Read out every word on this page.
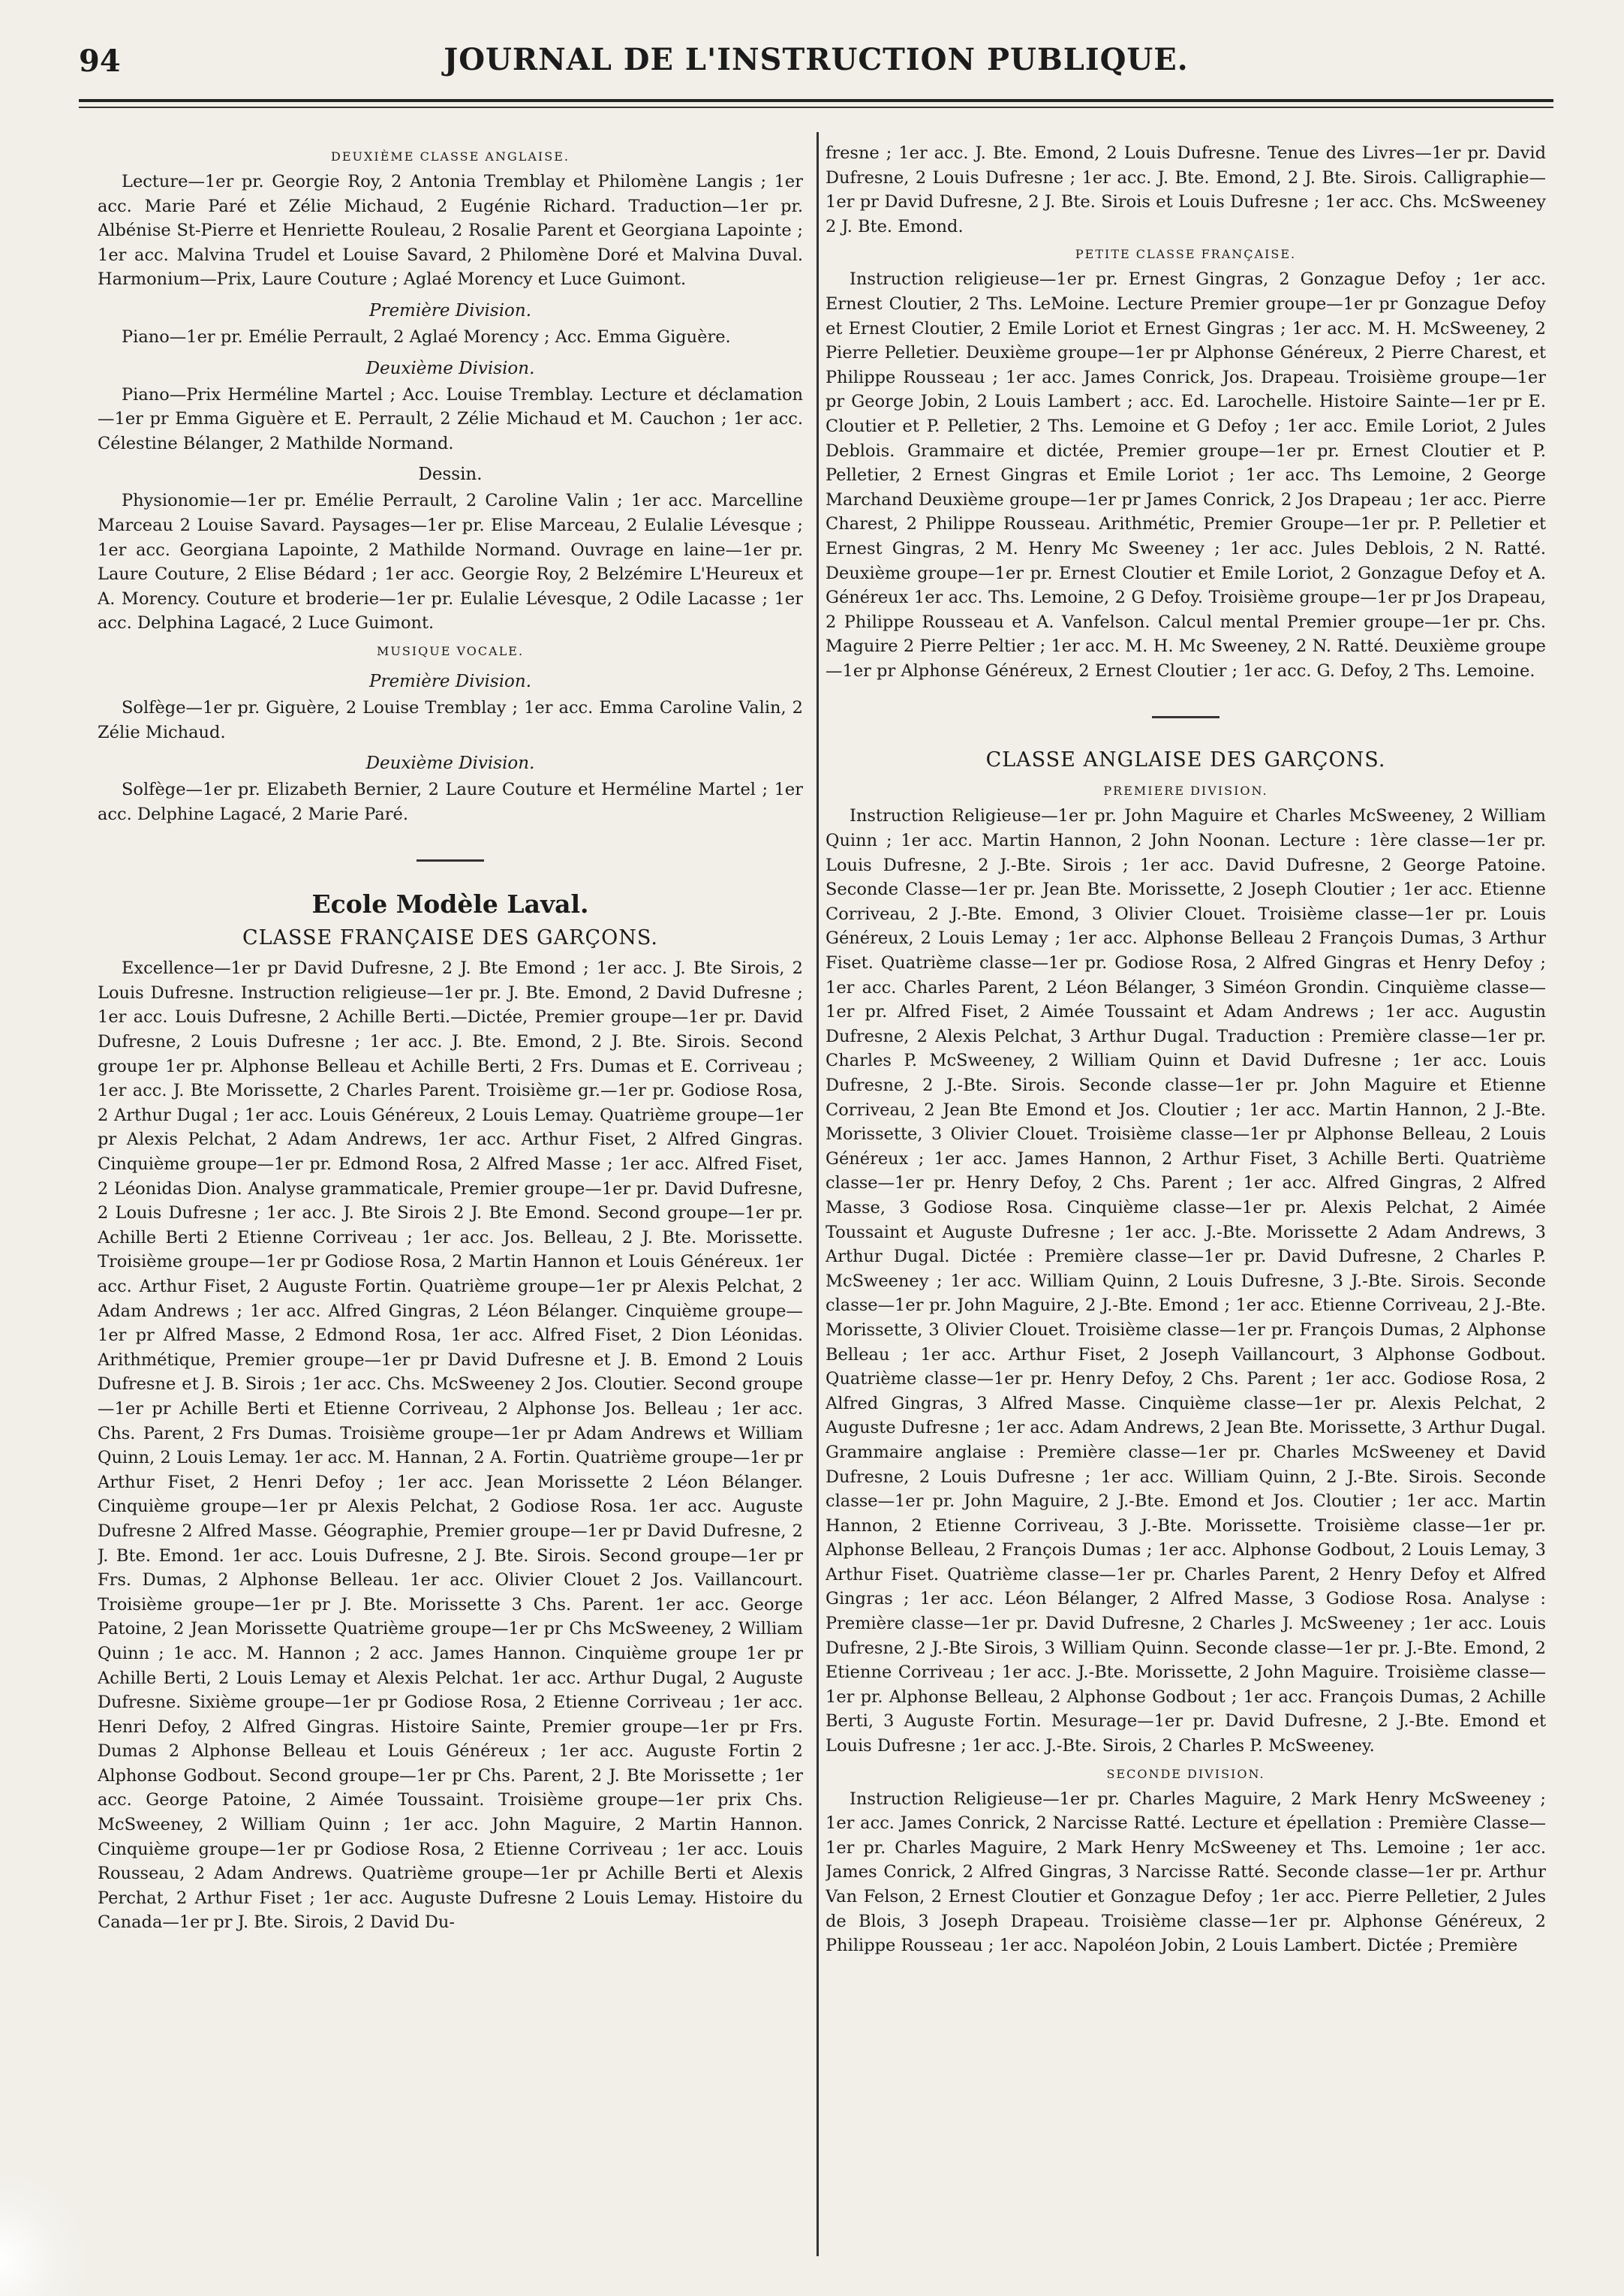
94	JOURNAL DE L'INSTRUCTION PUBLIQUE.
DEUXIÈME CLASSE ANGLAISE.

Lecture—1er pr. Georgie Roy, 2 Antonia Tremblay et Philomène Langis ; 1er acc. Marie Paré et Zélie Michaud, 2 Eugénie Richard. Traduction—1er pr. Albénise St-Pierre et Henriette Rouleau, 2 Rosalie Parent et Georgiana Lapointe ; 1er acc. Malvina Trudel et Louise Savard, 2 Philomène Doré et Malvina Duval. Harmonium—Prix, Laure Couture ; Aglaé Morency et Luce Guimont.

Première Division.

Piano—1er pr. Emélie Perrault, 2 Aglaé Morency ; Acc. Emma Giguère.

Deuxième Division.

Piano—Prix Herméline Martel ; Acc. Louise Tremblay. Lecture et déclamation—1er pr Emma Giguère et E. Perrault, 2 Zélie Michaud et M. Cauchon ; 1er acc. Célestine Bélanger, 2 Mathilde Normand.

Dessin.

Physionomie—1er pr. Emélie Perrault, 2 Caroline Valin ; 1er acc. Marcelline Marceau 2 Louise Savard. Paysages—1er pr. Elise Marceau, 2 Eulalie Lévesque ; 1er acc. Georgiana Lapointe, 2 Mathilde Normand. Ouvrage en laine—1er pr. Laure Couture, 2 Elise Bédard ; 1er acc. Georgie Roy, 2 Belzémire L'Heureux et A. Morency. Couture et broderie—1er pr. Eulalie Lévesque, 2 Odile Lacasse ; 1er acc. Delphina Lagacé, 2 Luce Guimont.

MUSIQUE VOCALE.
Première Division.

Solfège—1er pr. Giguère, 2 Louise Tremblay ; 1er acc. Emma Caroline Valin, 2 Zélie Michaud.

Deuxième Division.

Solfège—1er pr. Elizabeth Bernier, 2 Laure Couture et Herméline Martel ; 1er acc. Delphine Lagacé, 2 Marie Paré.

Ecole Modèle Laval.
CLASSE FRANÇAISE DES GARÇONS.

Excellence—1er pr David Dufresne, 2 J. Bte Emond ; 1er acc. J. Bte Sirois, 2 Louis Dufresne. Instruction religieuse—1er pr. J. Bte. Emond, 2 David Dufresne ; 1er acc. Louis Dufresne, 2 Achille Berti.—Dictée, Premier groupe—1er pr. David Dufresne, 2 Louis Dufresne ; 1er acc. J. Bte. Emond, 2 J. Bte. Sirois. Second groupe 1er pr. Alphonse Belleau et Achille Berti, 2 Frs. Dumas et E. Corriveau ; 1er acc. J. Bte Morissette, 2 Charles Parent. Troisième gr.—1er pr. Godiose Rosa, 2 Arthur Dugal ; 1er acc. Louis Généreux, 2 Louis Lemay. Quatrième groupe—1er pr Alexis Pelchat, 2 Adam Andrews, 1er acc. Arthur Fiset, 2 Alfred Gingras. Cinquième groupe—1er pr. Edmond Rosa, 2 Alfred Masse ; 1er acc. Alfred Fiset, 2 Léonidas Dion. Analyse grammaticale, Premier groupe—1er pr. David Dufresne, 2 Louis Dufresne ; 1er acc. J. Bte Sirois 2 J. Bte Emond. Second groupe—1er pr. Achille Berti 2 Etienne Corriveau ; 1er acc. Jos. Belleau, 2 J. Bte. Morissette. Troisième groupe—1er pr Godiose Rosa, 2 Martin Hannon et Louis Généreux. 1er acc. Arthur Fiset, 2 Auguste Fortin. Quatrième groupe—1er pr Alexis Pelchat, 2 Adam Andrews ; 1er acc. Alfred Gingras, 2 Léon Bélanger. Cinquième groupe—1er pr Alfred Masse, 2 Edmond Rosa, 1er acc. Alfred Fiset, 2 Dion Léonidas. Arithmétique, Premier groupe—1er pr David Dufresne et J. B. Emond 2 Louis Dufresne et J. B. Sirois ; 1er acc. Chs. McSweeney 2 Jos. Cloutier. Second groupe—1er pr Achille Berti et Etienne Corriveau, 2 Alphonse Jos. Belleau ; 1er acc. Chs. Parent, 2 Frs Dumas. Troisième groupe—1er pr Adam Andrews et William Quinn, 2 Louis Lemay. 1er acc. M. Hannan, 2 A. Fortin. Quatrième groupe—1er pr Arthur Fiset, 2 Henri Defoy ; 1er acc. Jean Morissette 2 Léon Bélanger. Cinquième groupe—1er pr Alexis Pelchat, 2 Godiose Rosa. 1er acc. Auguste Dufresne 2 Alfred Masse. Géographie, Premier groupe—1er pr David Dufresne, 2 J. Bte. Emond. 1er acc. Louis Dufresne, 2 J. Bte. Sirois. Second groupe—1er pr Frs. Dumas, 2 Alphonse Belleau. 1er acc. Olivier Clouet 2 Jos. Vaillancourt. Troisième groupe—1er pr J. Bte. Morissette 3 Chs. Parent. 1er acc. George Patoine, 2 Jean Morissette Quatrième groupe—1er pr Chs McSweeney, 2 William Quinn ; 1e acc. M. Hannon ; 2 acc. James Hannon. Cinquième groupe 1er pr Achille Berti, 2 Louis Lemay et Alexis Pelchat. 1er acc. Arthur Dugal, 2 Auguste Dufresne. Sixième groupe—1er pr Godiose Rosa, 2 Etienne Corriveau ; 1er acc. Henri Defoy, 2 Alfred Gingras. Histoire Sainte, Premier groupe—1er pr Frs. Dumas 2 Alphonse Belleau et Louis Généreux ; 1er acc. Auguste Fortin 2 Alphonse Godbout. Second groupe—1er pr Chs. Parent, 2 J. Bte Morissette ; 1er acc. George Patoine, 2 Aimée Toussaint. Troisième groupe—1er prix Chs. McSweeney, 2 William Quinn ; 1er acc. John Maguire, 2 Martin Hannon. Cinquième groupe—1er pr Godiose Rosa, 2 Etienne Corriveau ; 1er acc. Louis Rousseau, 2 Adam Andrews. Quatrième groupe—1er pr Achille Berti et Alexis Perchat, 2 Arthur Fiset ; 1er acc. Auguste Dufresne 2 Louis Lemay. Histoire du Canada—1er pr J. Bte. Sirois, 2 David Du-

fresne ; 1er acc. J. Bte. Emond, 2 Louis Dufresne. Tenue des Livres—1er pr. David Dufresne, 2 Louis Dufresne ; 1er acc. J. Bte. Emond, 2 J. Bte. Sirois. Calligraphie—1er pr David Dufresne, 2 J. Bte. Sirois et Louis Dufresne ; 1er acc. Chs. McSweeney 2 J. Bte. Emond.

PETITE CLASSE FRANÇAISE.

Instruction religieuse—1er pr. Ernest Gingras, 2 Gonzague Defoy ; 1er acc. Ernest Cloutier, 2 Ths. LeMoine. Lecture Premier groupe—1er pr Gonzague Defoy et Ernest Cloutier, 2 Emile Loriot et Ernest Gingras ; 1er acc. M. H. McSweeney, 2 Pierre Pelletier. Deuxième groupe—1er pr Alphonse Généreux, 2 Pierre Charest, et Philippe Rousseau ; 1er acc. James Conrick, Jos. Drapeau. Troisième groupe—1er pr George Jobin, 2 Louis Lambert ; acc. Ed. Larochelle. Histoire Sainte—1er pr E. Cloutier et P. Pelletier, 2 Ths. Lemoine et G Defoy ; 1er acc. Emile Loriot, 2 Jules Deblois. Grammaire et dictée, Premier groupe—1er pr. Ernest Cloutier et P. Pelletier, 2 Ernest Gingras et Emile Loriot ; 1er acc. Ths Lemoine, 2 George Marchand Deuxième groupe—1er pr James Conrick, 2 Jos Drapeau ; 1er acc. Pierre Charest, 2 Philippe Rousseau. Arithmétic, Premier Groupe—1er pr. P. Pelletier et Ernest Gingras, 2 M. Henry Mc Sweeney ; 1er acc. Jules Deblois, 2 N. Ratté. Deuxième groupe—1er pr. Ernest Cloutier et Emile Loriot, 2 Gonzague Defoy et A. Généreux 1er acc. Ths. Lemoine, 2 G Defoy. Troisième groupe—1er pr Jos Drapeau, 2 Philippe Rousseau et A. Vanfelson. Calcul mental Premier groupe—1er pr. Chs. Maguire 2 Pierre Peltier ; 1er acc. M. H. Mc Sweeney, 2 N. Ratté. Deuxième groupe—1er pr Alphonse Généreux, 2 Ernest Cloutier ; 1er acc. G. Defoy, 2 Ths. Lemoine.

CLASSE ANGLAISE DES GARÇONS.
PREMIERE DIVISION.

Instruction Religieuse—1er pr. John Maguire et Charles McSweeney, 2 William Quinn ; 1er acc. Martin Hannon, 2 John Noonan. Lecture : 1ère classe—1er pr. Louis Dufresne, 2 J.-Bte. Sirois ; 1er acc. David Dufresne, 2 George Patoine. Seconde Classe—1er pr. Jean Bte. Morissette, 2 Joseph Cloutier ; 1er acc. Etienne Corriveau, 2 J.-Bte. Emond, 3 Olivier Clouet. Troisième classe—1er pr. Louis Généreux, 2 Louis Lemay ; 1er acc. Alphonse Belleau 2 François Dumas, 3 Arthur Fiset. Quatrième classe—1er pr. Godiose Rosa, 2 Alfred Gingras et Henry Defoy ; 1er acc. Charles Parent, 2 Léon Bélanger, 3 Siméon Grondin. Cinquième classe—1er pr. Alfred Fiset, 2 Aimée Toussaint et Adam Andrews ; 1er acc. Augustin Dufresne, 2 Alexis Pelchat, 3 Arthur Dugal. Traduction : Première classe—1er pr. Charles P. McSweeney, 2 William Quinn et David Dufresne ; 1er acc. Louis Dufresne, 2 J.-Bte. Sirois. Seconde classe—1er pr. John Maguire et Etienne Corriveau, 2 Jean Bte Emond et Jos. Cloutier ; 1er acc. Martin Hannon, 2 J.-Bte. Morissette, 3 Olivier Clouet. Troisième classe—1er pr Alphonse Belleau, 2 Louis Généreux ; 1er acc. James Hannon, 2 Arthur Fiset, 3 Achille Berti. Quatrième classe—1er pr. Henry Defoy, 2 Chs. Parent ; 1er acc. Alfred Gingras, 2 Alfred Masse, 3 Godiose Rosa. Cinquième classe—1er pr. Alexis Pelchat, 2 Aimée Toussaint et Auguste Dufresne ; 1er acc. J.-Bte. Morissette 2 Adam Andrews, 3 Arthur Dugal. Dictée : Première classe—1er pr. David Dufresne, 2 Charles P. McSweeney ; 1er acc. William Quinn, 2 Louis Dufresne, 3 J.-Bte. Sirois. Seconde classe—1er pr. John Maguire, 2 J.-Bte. Emond ; 1er acc. Etienne Corriveau, 2 J.-Bte. Morissette, 3 Olivier Clouet. Troisième classe—1er pr. François Dumas, 2 Alphonse Belleau ; 1er acc. Arthur Fiset, 2 Joseph Vaillancourt, 3 Alphonse Godbout. Quatrième classe—1er pr. Henry Defoy, 2 Chs. Parent ; 1er acc. Godiose Rosa, 2 Alfred Gingras, 3 Alfred Masse. Cinquième classe—1er pr. Alexis Pelchat, 2 Auguste Dufresne ; 1er acc. Adam Andrews, 2 Jean Bte. Morissette, 3 Arthur Dugal. Grammaire anglaise : Première classe—1er pr. Charles McSweeney et David Dufresne, 2 Louis Dufresne ; 1er acc. William Quinn, 2 J.-Bte. Sirois. Seconde classe—1er pr. John Maguire, 2 J.-Bte. Emond et Jos. Cloutier ; 1er acc. Martin Hannon, 2 Etienne Corriveau, 3 J.-Bte. Morissette. Troisième classe—1er pr. Alphonse Belleau, 2 François Dumas ; 1er acc. Alphonse Godbout, 2 Louis Lemay, 3 Arthur Fiset. Quatrième classe—1er pr. Charles Parent, 2 Henry Defoy et Alfred Gingras ; 1er acc. Léon Bélanger, 2 Alfred Masse, 3 Godiose Rosa. Analyse : Première classe—1er pr. David Dufresne, 2 Charles J. McSweeney ; 1er acc. Louis Dufresne, 2 J.-Bte Sirois, 3 William Quinn. Seconde classe—1er pr. J.-Bte. Emond, 2 Etienne Corriveau ; 1er acc. J.-Bte. Morissette, 2 John Maguire. Troisième classe—1er pr. Alphonse Belleau, 2 Alphonse Godbout ; 1er acc. François Dumas, 2 Achille Berti, 3 Auguste Fortin. Mesurage—1er pr. David Dufresne, 2 J.-Bte. Emond et Louis Dufresne ; 1er acc. J.-Bte. Sirois, 2 Charles P. McSweeney.

SECONDE DIVISION.

Instruction Religieuse—1er pr. Charles Maguire, 2 Mark Henry McSweeney ; 1er acc. James Conrick, 2 Narcisse Ratté. Lecture et épellation : Première Classe—1er pr. Charles Maguire, 2 Mark Henry McSweeney et Ths. Lemoine ; 1er acc. James Conrick, 2 Alfred Gingras, 3 Narcisse Ratté. Seconde classe—1er pr. Arthur Van Felson, 2 Ernest Cloutier et Gonzague Defoy ; 1er acc. Pierre Pelletier, 2 Jules de Blois, 3 Joseph Drapeau. Troisième classe—1er pr. Alphonse Généreux, 2 Philippe Rousseau ; 1er acc. Napoléon Jobin, 2 Louis Lambert. Dictée ; Première
